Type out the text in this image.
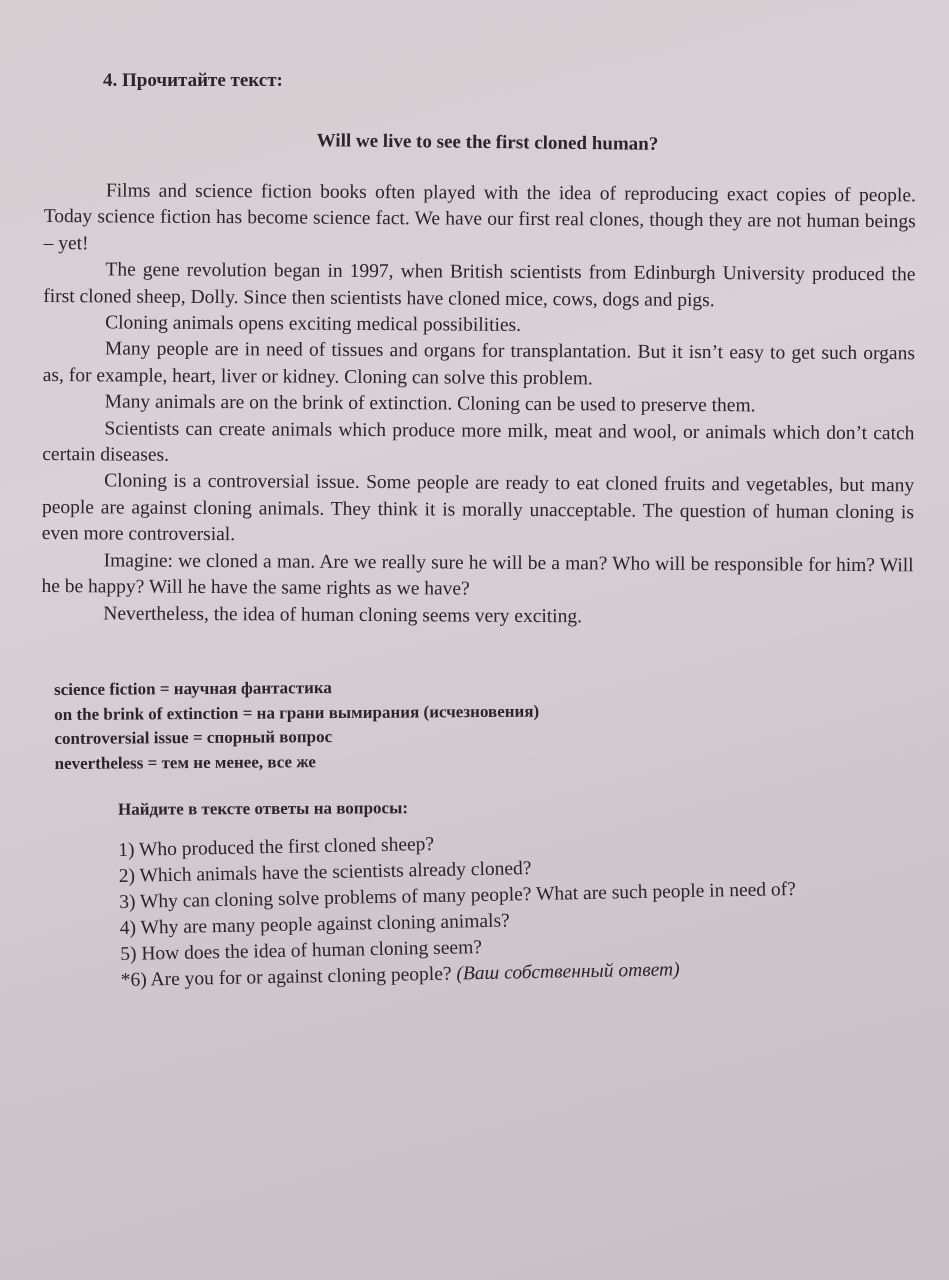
4. Прочитайте текст:
Will we live to see the first cloned human?

Films and science fiction books often played with the idea of reproducing exact copies of people. Today science fiction has become science fact. We have our first real clones, though they are not human beings – yet!

The gene revolution began in 1997, when British scientists from Edinburgh University produced the first cloned sheep, Dolly. Since then scientists have cloned mice, cows, dogs and pigs.

Cloning animals opens exciting medical possibilities.

Many people are in need of tissues and organs for transplantation. But it isn’t easy to get such organs as, for example, heart, liver or kidney. Cloning can solve this problem.

Many animals are on the brink of extinction. Cloning can be used to preserve them.

Scientists can create animals which produce more milk, meat and wool, or animals which don’t catch certain diseases.

Cloning is a controversial issue. Some people are ready to eat cloned fruits and vegetables, but many people are against cloning animals. They think it is morally unacceptable. The question of human cloning is even more controversial.

Imagine: we cloned a man. Are we really sure he will be a man? Who will be responsible for him? Will he be happy? Will he have the same rights as we have?

Nevertheless, the idea of human cloning seems very exciting.

science fiction = научная фантастика
on the brink of extinction = на грани вымирания (исчезновения)
controversial issue = спорный вопрос
nevertheless = тем не менее, все же
Найдите в тексте ответы на вопросы:
1) Who produced the first cloned sheep?
2) Which animals have the scientists already cloned?
3) Why can cloning solve problems of many people? What are such people in need of?
4) Why are many people against cloning animals?
5) How does the idea of human cloning seem?
*6) Are you for or against cloning people? (Ваш собственный ответ)
